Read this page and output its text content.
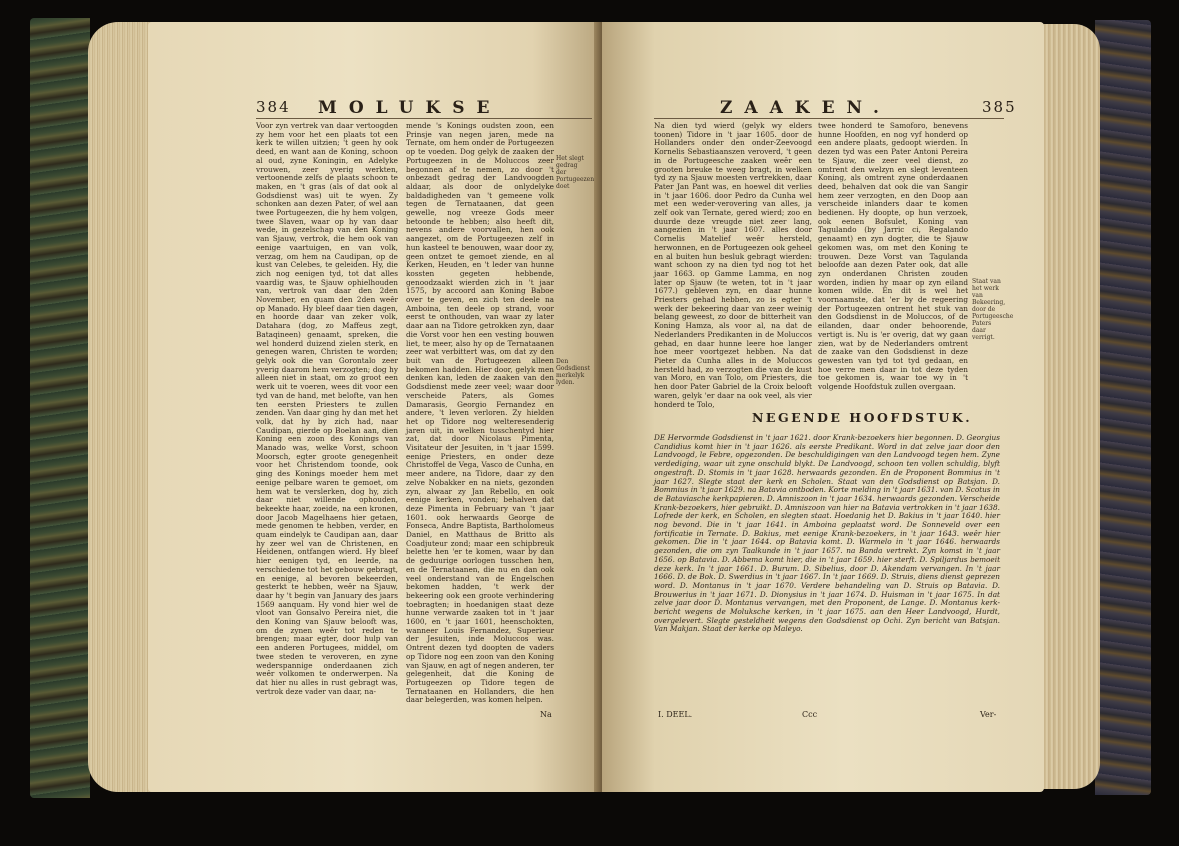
384 MOLUKSE
Voor zyn vertrek van daar vertoogden zy hem voor het een plaats tot een kerk te willen uitzien; 't geen hy ook deed, en want aan de Koning, schoon al oud, zyne Koningin, en Adelyke vrouwen, zeer yverig werkten, vertoonende zelfs de plaats schoon te maken, en 't gras (als of dat ook al Godsdienst was) uit te wyen. Zy schonken aan dezen Pater, of wel aan twee Portugeezen, die hy hem volgen, twee Slaven, waar op hy van daar wede, in gezelschap van den Koning van Sjauw, vertrok, die hem ook van eenige vaartuigen, en van volk, verzag, om hem na Caudipan, op de kust van Celebes, te geleiden. Hy, die zich nog eenigen tyd, tot dat alles vaardig was, te Sjauw ophielhouden van, vertrok van daar den 2den November, en quam den 2den weêr op Manado. Hy bleef daar tien dagen, en hoorde daar van zeker volk, Datahara (dog, zo Maffeus zegt, Bataqineen) genaamt, spreken, die wel honderd duizend zielen sterk, en genegen waren, Christen te worden; gelyk ook die van Gorontalo zeer yverig daarom hem verzogten; dog hy alleen niet in staat, om zo groot een werk uit te voeren, wees dit voor een tyd van de hand, met belofte, van hen ten eersten Priesters te zullen zenden. Van daar ging hy dan met het volk, dat hy by zich had, naar Caudipan, gierde op Boelan aan, dien Koning een zoon des Konings van Manado was, welke Vorst, schoon Moorsch, egter groote genegenheit voor het Christendom toonde, ook ging des Konings moeder hem met eenige pelbare waren te gemoet, om hem wat te verslerken, dog hy, zich daar niet willende ophouden, bekeekte haar, zoeide, na een kronen, door Jacob Magelhaens hier getaen, mede genomen te hebben, verder, en quam eindelyk te Caudipan aan, daar hy zeer wel van de Christenen, en Heidenen, ontfangen wierd. Hy bleef hier eenigen tyd, en leerde, na verschiedene tot het gebouw gebragt, en eenige, al bevoren bekeerden, gesterkt te hebben, weêr na Sjauw, daar hy 't begin van January des jaars 1569 aanquam. Hy vond hier wel de vloot van Gonsalvo Pereira niet, die den Koning van Sjauw belooft was, om de zynen weêr tot reden te brengen; maar egter, door hulp van een anderen Portugees, middel, om twee steden te veroveren, en zyne wederspannige onderdaanen zich weêr volkomen te onderwerpen. Na dat hier nu alles in rust gebragt was, vertrok deze vader van daar, na-
mende 's Konings oudsten zoon, een Prinsje van negen jaren, mede na Ternate, om hem onder de Portugeezen op te voeden. Dog gelyk de zaaken der Portugeezen in de Moluccos zeer begonnen af te nemen, zo door 't onbezadt gedrag der Landvoogden aldaar, als door de onlydelyke baldadigheden van 't gemeene volk tegen de Ternataanen, dat geen gewelle, nog vreeze Gods meer betoonde te hebben; also heeft dit, nevens andere voorvallen, hen ook aangezet, om de Portugeezen zelf in hun kasteel te benouwen, waar door zy, geen ontzet te gemoet ziende, en al Kerken, Heuden, en 't leder van hunne kossten gegeten hebbende, genoodzaakt wierden zich in 't jaar 1575, by accoord aan Koning Baboe over te geven, en zich ten deele na Amboina, ten deele op strand, voor eerst te onthouden, van waar zy later daar aan na Tidore getrokken zyn, daar die Vorst voor hen een vesting bouwen liet, te meer, also hy op de Ternataanen zeer wat verbittert was, om dat zy den buit van de Portugeezen alleen bekomen hadden. Hier door, gelyk men denken kan, leden de zaaken van den Godsdienst mede zeer veel; waar door verscheide Paters, als Gomes Damarasis, Georgio Fernandez en andere, 't leven verloren. Zy hielden het op Tidore nog welteresenderig jaren uit, in welken tusschentyd hier zat, dat door Nicolaus Pimenta, Visitateur der Jesuiten, in 't jaar 1599. eenige Priesters, en onder deze Christoffel de Vega, Vasco de Cunha, en meer andere, na Tidore, daar zy den zelve Nobakker en na niets, gezonden zyn, alwaar zy Jan Rebello, en ook eenige kerken, vonden; behalven dat deze Pimenta in February van 't jaar 1601. ook herwaards George de Fonseca, Andre Baptista, Bartholomeus Daniel, en Matthaus de Britto als Coadjuteur zond; maar een schipbreuk belette hen 'er te komen, waar by dan de geduurige oorlogen tusschen hen, en de Ternataanen, die nu en dan ook veel onderstand van de Engelschen bekomen hadden, 't werk der bekeering ook een groote verhindering toebragten; in hoedanigen staat deze hunne verwarde zaaken tot in 't jaar 1600, en 't jaar 1601, heenschokten, wanneer Louis Fernandez, Superieur der Jesuiten, inde Moluccos was. Ontrent dezen tyd doopten de vaders op Tidore nog een zoon van den Koning van Sjauw, en agt of negen anderen, ter gelegenheit, dat die Koning de Portugeezen op Tidore tegen de Ternataanen en Hollanders, die hen daar belegerden, was komen helpen.
Het slegt gedrag der Portugeezen doet
Den Godsdienst merkelyk lyden.
Na
ZAAKEN.	385
Na dien tyd wierd (gelyk wy elders toonen) Tidore in 't jaar 1605. door de Hollanders onder den onder-Zeevoogd Kornelis Sebastiaanszen veroverd, 't geen in de Portugeesche zaaken weêr een grooten breuke te weeg bragt, in welken tyd zy na Sjauw moesten vertrekken, daar Pater Jan Pant was, en hoewel dit verlies in 't jaar 1606. door Pedro da Cunha wel met een weder-verovering van alles, ja zelf ook van Ternate, gered wierd; zoo en duurde deze vreugde niet zeer lang, aangezien in 't jaar 1607. alles door Cornelis Matelief weêr hersteld, herwonnen, en de Portugeezen ook geheel en al buiten hun besluk gebragt wierden: want schoon zy na dien tyd nog tot het jaar 1663. op Gamme Lamma, en nog later op Sjauw (te weten, tot in 't jaar 1677.) gebleven zyn, en daar hunne Priesters gehad hebben, zo is egter 't werk der bekeering daar van zeer weinig belang geweest, zo door de bitterheit van Koning Hamza, als voor al, na dat de Nederlanders Predikanten in de Moluccos gehad, en daar hunne leere hoe langer hoe meer voortgezet hebben. Na dat Pieter da Cunha alles in de Moluccos hersteld had, zo verzogten die van de kust van Moro, en van Tolo, om Priesters, die hen door Pater Gabriel de la Croix belooft waren, gelyk 'er daar na ook veel, als vier honderd te Tolo,
twee honderd te Samoforo, benevens hunne Hoofden, en nog vyf honderd op een andere plaats, gedoopt wierden. In dezen tyd was een Pater Antoni Pereira te Sjauw, die zeer veel dienst, zo omtrent den welzyn en slegt leventeen Koning, als omtrent zyne onderdaanen deed, behalven dat ook die van Sangir hem zeer verzogten, en den Doop aan verscheide inlanders daar te komen bedienen. Hy doopte, op hun verzoek, ook eenen Bofsulet, Koning van Tagulando (by Jarric ci, Regalando genaamt) en zyn dogter, die te Sjauw gekomen was, om met den Koning te trouwen. Deze Vorst van Tagulanda beloofde aan dezen Pater ook, dat alle zyn onderdanen Christen zouden worden, indien hy maar op zyn eiland komen wilde. En dit is wel het voornaamste, dat 'er by de regeering der Portugeezen ontrent het stuk van den Godsdienst in de Moluccos, of de eilanden, daar onder behoorende, vertigt is. Nu is 'er overig, dat wy gaan zien, wat by de Nederlanders omtrent de zaake van den Godsdienst in deze gewesten van tyd tot tyd gedaan, en hoe verre men daar in tot deze tyden toe gekomen is, waar toe wy in 't volgende Hoofdstuk zullen overgaan.
Staat van het werk van Bekeering, door de Portugeesche Paters daar verrigt.
NEGENDE HOOFDSTUK.
DE Hervormde Godsdienst in 't jaar 1621. door Krank-bezoekers hier begonnen. D. Georgius Candidius komt hier in 't jaar 1626. als eerste Predikant. Word in dat zelve jaar door den Landvoogd, le Febre, opgezonden. De beschuldigingen van den Landvoogd tegen hem. Zyne verdediging, waar uit zyne onschuld blykt. De Landvoogd, schoon ten vollen schuldig, blyft ongestraft. D. Stomis in 't jaar 1628. herwaards gezonden. En de Proponent Bommius in 't jaar 1627. Slegte staat der kerk en Scholen. Staat van den Godsdienst op Batsjan. D. Bommius in 't jaar 1629. na Batavia ontboden. Korte melding in 't jaar 1631. van D. Scotus in de Bataviasche kerkpapieren. D. Amniszoon in 't jaar 1634. herwaards gezonden. Verscheide Krank-bezoekers, hier gebruikt. D. Amniszoon van hier na Batavia vertrokken in 't jaar 1638. Lofrede der kerk, en Scholen, en slegten staat. Hoedanig het D. Bakius in 't jaar 1640. hier nog bevond. Die in 't jaar 1641. in Amboina geplaatst word. De Sonneveld over een fortificatie in Ternate. D. Bakius, met eenige Krank-bezoekers, in 't jaar 1643. weêr hier gekomen. Die in 't jaar 1644. op Batavia komt. D. Warmelo in 't jaar 1646. herwaards gezonden, die om zyn Taalkunde in 't jaar 1657. na Banda vertrekt. Zyn komst in 't jaar 1656. op Batavia. D. Abbema komt hier, die in 't jaar 1659. hier sterft. D. Spiljardus bemoeit deze kerk. In 't jaar 1661. D. Burum. D. Sibelius, door D. Akendam vervangen. In 't jaar 1666. D. de Bok. D. Swerdius in 't jaar 1667. In 't jaar 1669. D. Struis, diens dienst geprezen word. D. Montanus in 't jaar 1670. Verdere behandeling van D. Struis op Batavia. D. Brouwerius in 't jaar 1671. D. Dionysius in 't jaar 1674. D. Huisman in 't jaar 1675. In dat zelve jaar door D. Montanus vervangen, met den Proponent, de Lange. D. Montanus kerk-bericht wegens de Moluksche kerken, in 't jaar 1675. aan den Heer Landvoogd, Hurdt, overgelevert. Slegte gesteldheit wegens den Godsdienst op Ochi. Zyn bericht van Batsjan. Van Makjan. Staat der kerke op Maleyo.
I. DEEL.	Ccc	Ver-
